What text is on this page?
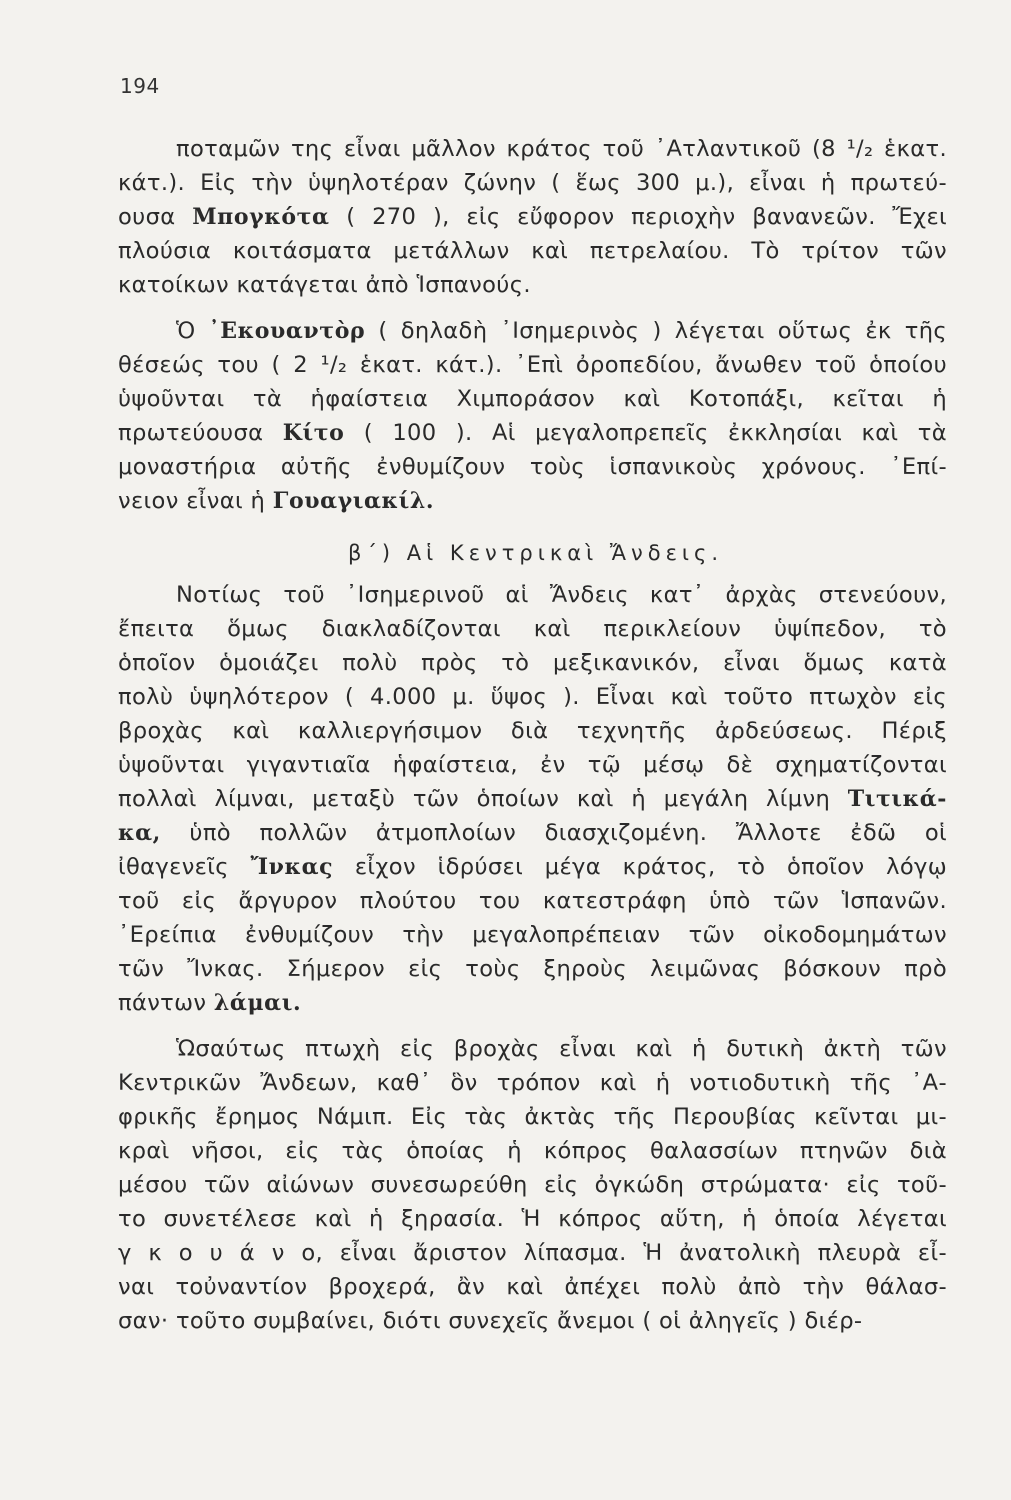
194
ποταμῶν της εἶναι μᾶλλον κράτος τοῦ ᾿Ατλαντικοῦ (8 ¹/₂ ἑκατ.
κάτ.). Εἰς τὴν ὑψηλοτέραν ζώνην ( ἕως 300 μ.), εἶναι ἡ πρωτεύ-
ουσα Μπογκότα ( 270 ), εἰς εὔφορον περιοχὴν βανανεῶν. Ἔχει
πλούσια κοιτάσματα μετάλλων καὶ πετρελαίου. Τὸ τρίτον τῶν
κατοίκων κατάγεται ἀπὸ Ἱσπανούς.
Ὁ ᾿Εκουαντὸρ ( δηλαδὴ ᾿Ισημερινὸς ) λέγεται οὕτως ἐκ τῆς
θέσεώς του ( 2 ¹/₂ ἑκατ. κάτ.). ᾿Επὶ ὀροπεδίου, ἄνωθεν τοῦ ὁποίου
ὑψοῦνται τὰ ἡφαίστεια Χιμποράσον καὶ Κοτοπάξι, κεῖται ἡ
πρωτεύουσα Κίτο ( 100 ). Αἱ μεγαλοπρεπεῖς ἐκκλησίαι καὶ τὰ
μοναστήρια αὐτῆς ἐνθυμίζουν τοὺς ἱσπανικοὺς χρόνους. ᾿Επί-
νειον εἶναι ἡ Γουαγιακίλ.
β΄) Αἱ Κεντρικαὶ Ἄνδεις.
Νοτίως τοῦ ᾿Ισημερινοῦ αἱ Ἄνδεις κατ᾿ ἀρχὰς στενεύουν,
ἔπειτα ὅμως διακλαδίζονται καὶ περικλείουν ὑψίπεδον, τὸ
ὁποῖον ὁμοιάζει πολὺ πρὸς τὸ μεξικανικόν, εἶναι ὅμως κατὰ
πολὺ ὑψηλότερον ( 4.000 μ. ὕψος ). Εἶναι καὶ τοῦτο πτωχὸν εἰς
βροχὰς καὶ καλλιεργήσιμον διὰ τεχνητῆς ἀρδεύσεως. Πέριξ
ὑψοῦνται γιγαντιαῖα ἡφαίστεια, ἐν τῷ μέσῳ δὲ σχηματίζονται
πολλαὶ λίμναι, μεταξὺ τῶν ὁποίων καὶ ἡ μεγάλη λίμνη Τιτικά-
κα, ὑπὸ πολλῶν ἀτμοπλοίων διασχιζομένη. Ἄλλοτε ἐδῶ οἱ
ἰθαγενεῖς Ἴνκας εἶχον ἱδρύσει μέγα κράτος, τὸ ὁποῖον λόγῳ
τοῦ εἰς ἄργυρον πλούτου του κατεστράφη ὑπὸ τῶν Ἱσπανῶν.
᾿Ερείπια ἐνθυμίζουν τὴν μεγαλοπρέπειαν τῶν οἰκοδομημάτων
τῶν Ἴνκας. Σήμερον εἰς τοὺς ξηροὺς λειμῶνας βόσκουν πρὸ
πάντων λάμαι.
Ὡσαύτως πτωχὴ εἰς βροχὰς εἶναι καὶ ἡ δυτικὴ ἀκτὴ τῶν
Κεντρικῶν Ἄνδεων, καθ᾿ ὃν τρόπον καὶ ἡ νοτιοδυτικὴ τῆς ᾿Α-
φρικῆς ἔρημος Νάμιπ. Εἰς τὰς ἀκτὰς τῆς Περουβίας κεῖνται μι-
κραὶ νῆσοι, εἰς τὰς ὁποίας ἡ κόπρος θαλασσίων πτηνῶν διὰ
μέσου τῶν αἰώνων συνεσωρεύθη εἰς ὀγκώδη στρώματα· εἰς τοῦ-
το συνετέλεσε καὶ ἡ ξηρασία. Ἡ κόπρος αὕτη, ἡ ὁποία λέγεται
γ κ ο υ ά ν ο, εἶναι ἄριστον λίπασμα. Ἡ ἀνατολικὴ πλευρὰ εἶ-
ναι τοὐναντίον βροχερά, ἂν καὶ ἀπέχει πολὺ ἀπὸ τὴν θάλασ-
σαν· τοῦτο συμβαίνει, διότι συνεχεῖς ἄνεμοι ( οἱ ἀληγεῖς ) διέρ-
